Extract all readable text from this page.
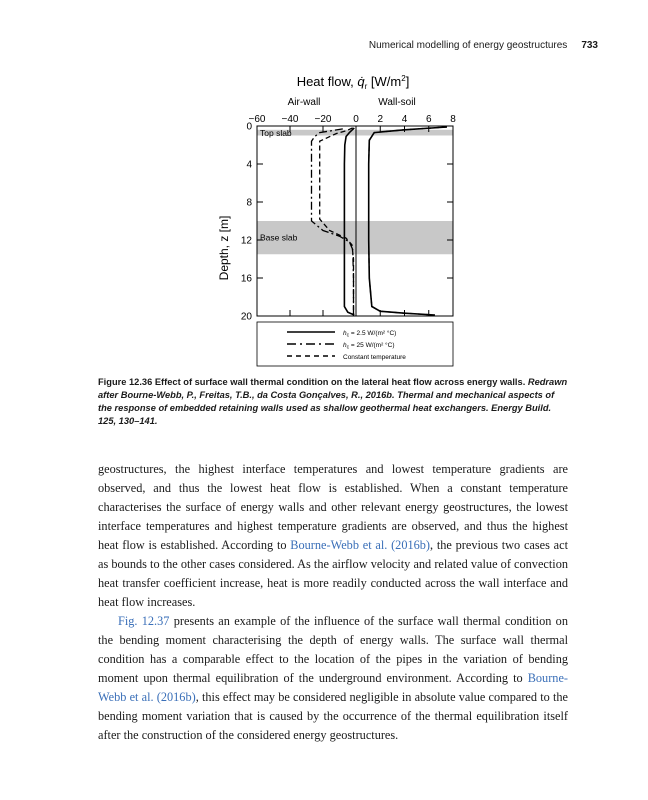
Numerical modelling of energy geostructures 733
Heat flow, $q̇_r$ $[W/m^2]$
Air-wall	Wall-soil
Depth, z [m]
0
4
8
12
16
20
−60 −40 −20 0 2 4 6 8
Top slab
Base slab
$h_c = 2.5$ W/(m² °C)
$h_c = 25$ W/(m² °C)
Constant temperature
Figure 12.36 Effect of surface wall thermal condition on the lateral heat flow across energy walls. Redrawn after Bourne-Webb, P., Freitas, T.B., da Costa Gonçalves, R., 2016b. Thermal and mechanical aspects of the response of embedded retaining walls used as shallow geothermal heat exchangers. Energy Build. 125, 130–141.

geostructures, the highest interface temperatures and lowest temperature gradients are observed, and thus the lowest heat flow is established. When a constant temperature characterises the surface of energy walls and other relevant energy geostructures, the lowest interface temperatures and highest temperature gradients are observed, and thus the highest heat flow is established. According to Bourne-Webb et al. (2016b), the previous two cases act as bounds to the other cases considered. As the airflow velocity and related value of convection heat transfer coefficient increase, heat is more readily conducted across the wall interface and heat flow increases.

Fig. 12.37 presents an example of the influence of the surface wall thermal condition on the bending moment characterising the depth of energy walls. The surface wall thermal condition has a comparable effect to the location of the pipes in the variation of bending moment upon thermal equilibration of the underground environment. According to Bourne-Webb et al. (2016b), this effect may be considered negligible in absolute value compared to the bending moment variation that is caused by the occurrence of the thermal equilibration itself after the construction of the considered energy geostructures.
